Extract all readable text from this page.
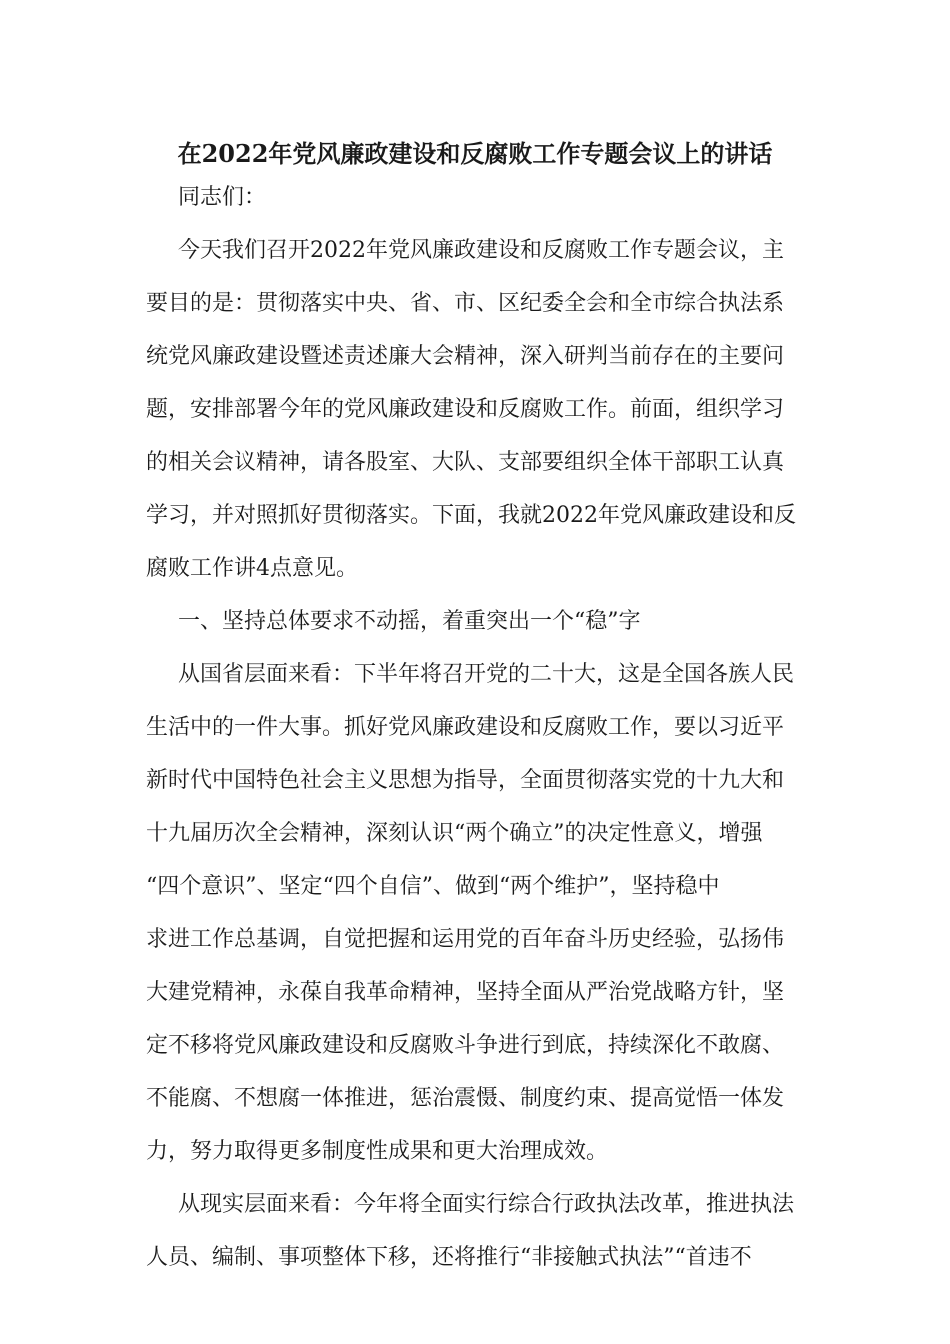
在2022年党风廉政建设和反腐败工作专题会议上的讲话
同志们：
今天我们召开2022年党风廉政建设和反腐败工作专题会议，主
要目的是：贯彻落实中央、省、市、区纪委全会和全市综合执法系
统党风廉政建设暨述责述廉大会精神，深入研判当前存在的主要问
题，安排部署今年的党风廉政建设和反腐败工作。前面，组织学习
的相关会议精神，请各股室、大队、支部要组织全体干部职工认真
学习，并对照抓好贯彻落实。下面，我就2022年党风廉政建设和反
腐败工作讲4点意见。
一、坚持总体要求不动摇，着重突出一个“稳”字
从国省层面来看：下半年将召开党的二十大，这是全国各族人民
生活中的一件大事。抓好党风廉政建设和反腐败工作，要以习近平
新时代中国特色社会主义思想为指导，全面贯彻落实党的十九大和
十九届历次全会精神，深刻认识“两个确立”的决定性意义，增强
“四个意识”、坚定“四个自信”、做到“两个维护”，坚持稳中
求进工作总基调，自觉把握和运用党的百年奋斗历史经验，弘扬伟
大建党精神，永葆自我革命精神，坚持全面从严治党战略方针，坚
定不移将党风廉政建设和反腐败斗争进行到底，持续深化不敢腐、
不能腐、不想腐一体推进，惩治震慑、制度约束、提高觉悟一体发
力，努力取得更多制度性成果和更大治理成效。
从现实层面来看：今年将全面实行综合行政执法改革，推进执法
人员、编制、事项整体下移，还将推行“非接触式执法”“首违不
